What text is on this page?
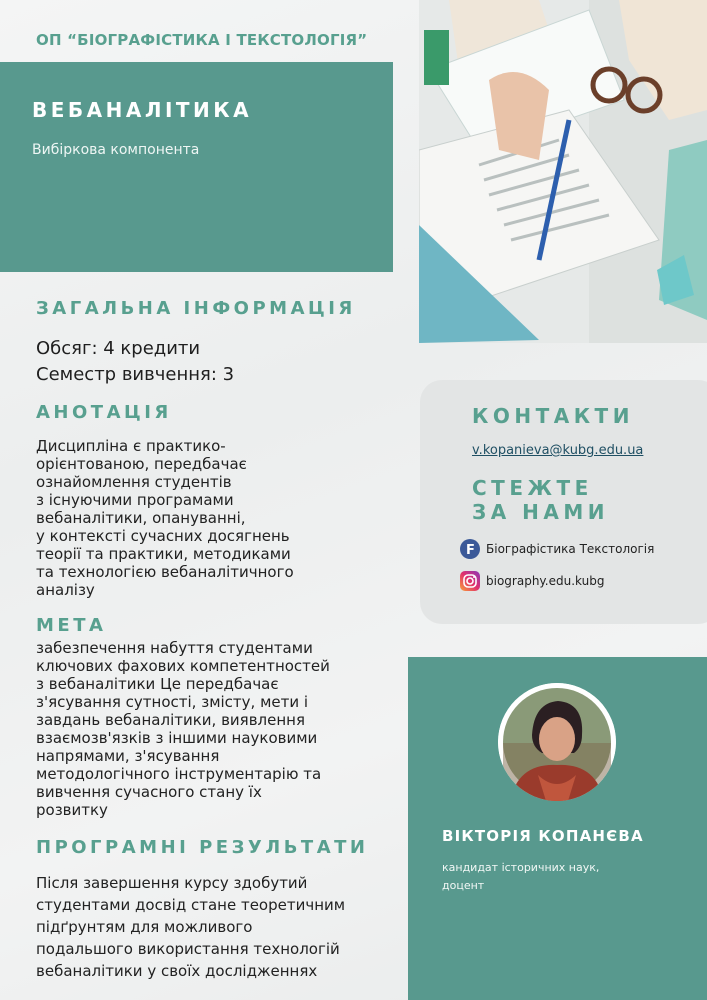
ОП “БІОГРАФІСТИКА І ТЕКСТОЛОГІЯ”
ВЕБАНАЛІТИКА
Вибіркова компонента
ЗАГАЛЬНА ІНФОРМАЦІЯ
Обсяг: 4 кредити
Семестр вивчення: 3
АНОТАЦІЯ
Дисципліна є практико-
орієнтованою, передбачає
ознайомлення студентів
з існуючими програмами
вебаналітики, опануванні,
у контексті сучасних досягнень
теорії та практики, методиками
та технологією вебаналітичного
аналізу
МЕТА
забезпечення набуття студентами
ключових фахових компетентностей
з вебаналітики Це передбачає
з'ясування сутності, змісту, мети і
завдань вебаналітики, виявлення
взаємозв'язків з іншими науковими
напрямами, з'ясування
методологічного інструментарію та
вивчення сучасного стану їх
розвитку
ПРОГРАМНІ РЕЗУЛЬТАТИ
Після завершення курсу здобутий
студентами досвід стане теоретичним
підґрунтям для можливого
подальшого використання технологій
вебаналітики у своїх дослідженнях
КОНТАКТИ
v.kopanieva@kubg.edu.ua
СТЕЖТЕ
ЗА НАМИ
F Біографістика Текстологія
biography.edu.kubg
ВІКТОРІЯ КОПАНЄВА
кандидат історичних наук, доцент
